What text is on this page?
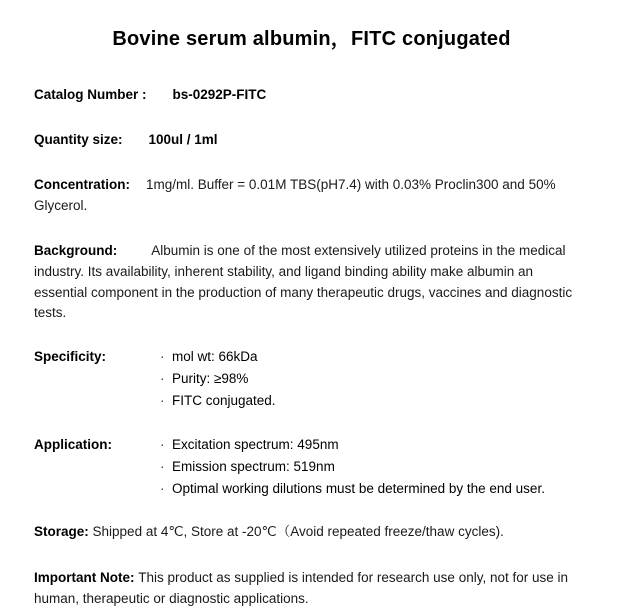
Bovine serum albumin，FITC conjugated
Catalog Number : bs-0292P-FITC
Quantity size: 100ul / 1ml
Concentration: 1mg/ml. Buffer = 0.01M TBS(pH7.4) with 0.03% Proclin300 and 50% Glycerol.
Background:	Albumin is one of the most extensively utilized proteins in the medical industry. Its availability, inherent stability, and ligand binding ability make albumin an essential component in the production of many therapeutic drugs, vaccines and diagnostic tests.
Specificity:	· mol wt: 66kDa
· Purity: ≥98%
· FITC conjugated.
Application:	· Excitation spectrum: 495nm
· Emission spectrum: 519nm
· Optimal working dilutions must be determined by the end user.
Storage: Shipped at 4℃, Store at -20℃（Avoid repeated freeze/thaw cycles).
Important Note: This product as supplied is intended for research use only, not for use in human, therapeutic or diagnostic applications.
